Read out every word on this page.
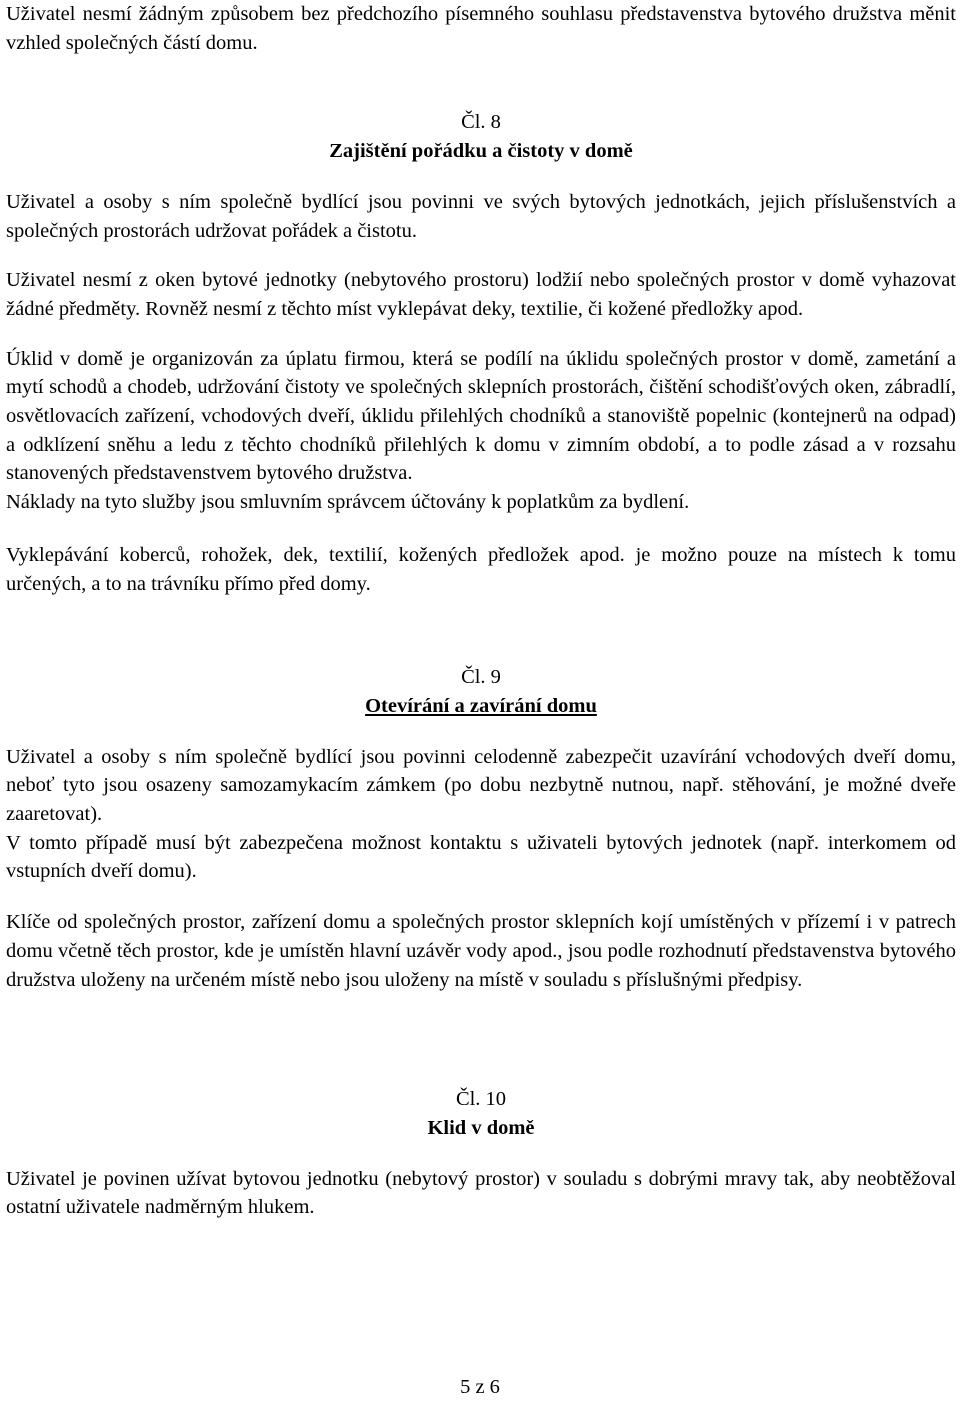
Uživatel nesmí žádným způsobem bez předchozího písemného souhlasu představenstva bytového družstva měnit vzhled společných částí domu.

Čl. 8

Zajištění pořádku a čistoty v domě

Uživatel a osoby s ním společně bydlící jsou povinni ve svých bytových jednotkách, jejich příslušenstvích a společných prostorách udržovat pořádek a čistotu.

Uživatel nesmí z oken bytové jednotky (nebytového prostoru) lodžií nebo společných prostor v domě vyhazovat žádné předměty. Rovněž nesmí z těchto míst vyklepávat deky, textilie, či kožené předložky apod.

Úklid v domě je organizován za úplatu firmou, která se podílí na úklidu společných prostor v domě, zametání a mytí schodů a chodeb, udržování čistoty ve společných sklepních prostorách, čištění schodišťových oken, zábradlí, osvětlovacích zařízení, vchodových dveří, úklidu přilehlých chodníků a stanoviště popelnic (kontejnerů na odpad) a odklízení sněhu a ledu z těchto chodníků přilehlých k domu v zimním období, a to podle zásad a v rozsahu stanovených představenstvem bytového družstva.

Náklady na tyto služby jsou smluvním správcem účtovány k poplatkům za bydlení.

Vyklepávání koberců, rohožek, dek, textilií, kožených předložek apod. je možno pouze na místech k tomu určených, a to na trávníku přímo před domy.

Čl. 9

Otevírání a zavírání domu

Uživatel a osoby s ním společně bydlící jsou povinni celodenně zabezpečit uzavírání vchodových dveří domu, neboť tyto jsou osazeny samozamykacím zámkem (po dobu nezbytně nutnou, např. stěhování, je možné dveře zaaretovat).

V tomto případě musí být zabezpečena možnost kontaktu s uživateli bytových jednotek (např. interkomem od vstupních dveří domu).

Klíče od společných prostor, zařízení domu a společných prostor sklepních kojí umístěných v přízemí i v patrech domu včetně těch prostor, kde je umístěn hlavní uzávěr vody apod., jsou podle rozhodnutí představenstva bytového družstva uloženy na určeném místě nebo jsou uloženy na místě v souladu s příslušnými předpisy.

Čl. 10

Klid v domě

Uživatel je povinen užívat bytovou jednotku (nebytový prostor) v souladu s dobrými mravy tak, aby neobtěžoval ostatní uživatele nadměrným hlukem.

5 z 6
